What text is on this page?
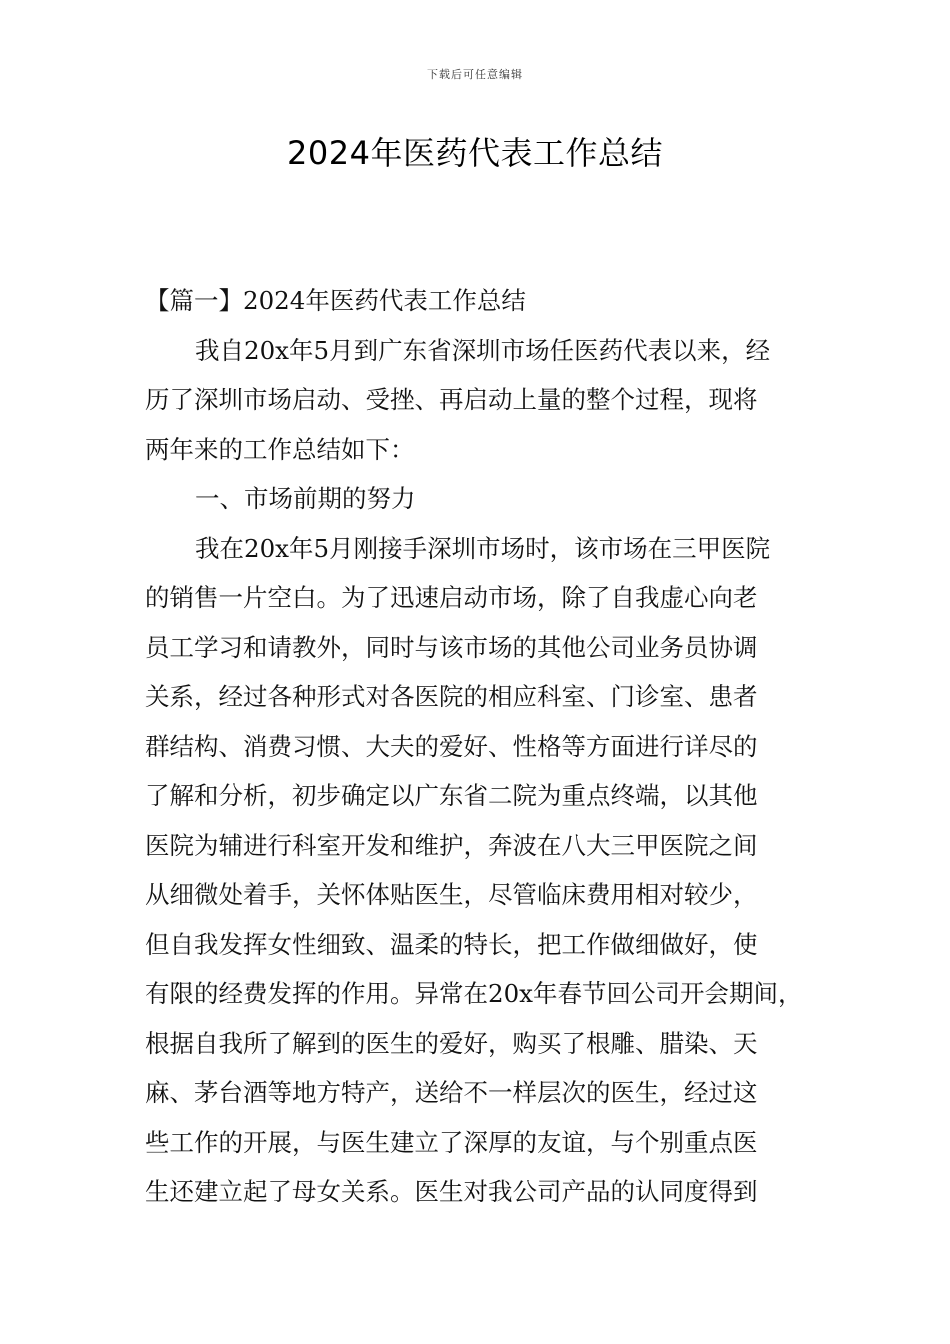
下载后可任意编辑
2024年医药代表工作总结
【篇一】2024年医药代表工作总结
我自20x年5月到广东省深圳市场任医药代表以来，经
历了深圳市场启动、受挫、再启动上量的整个过程，现将
两年来的工作总结如下：
一、市场前期的努力
我在20x年5月刚接手深圳市场时，该市场在三甲医院
的销售一片空白。为了迅速启动市场，除了自我虚心向老
员工学习和请教外，同时与该市场的其他公司业务员协调
关系，经过各种形式对各医院的相应科室、门诊室、患者
群结构、消费习惯、大夫的爱好、性格等方面进行详尽的
了解和分析，初步确定以广东省二院为重点终端，以其他
医院为辅进行科室开发和维护，奔波在八大三甲医院之间
从细微处着手，关怀体贴医生，尽管临床费用相对较少，
但自我发挥女性细致、温柔的特长，把工作做细做好，使
有限的经费发挥的作用。异常在20x年春节回公司开会期间，
根据自我所了解到的医生的爱好，购买了根雕、腊染、天
麻、茅台酒等地方特产，送给不一样层次的医生，经过这
些工作的开展，与医生建立了深厚的友谊，与个别重点医
生还建立起了母女关系。医生对我公司产品的认同度得到
